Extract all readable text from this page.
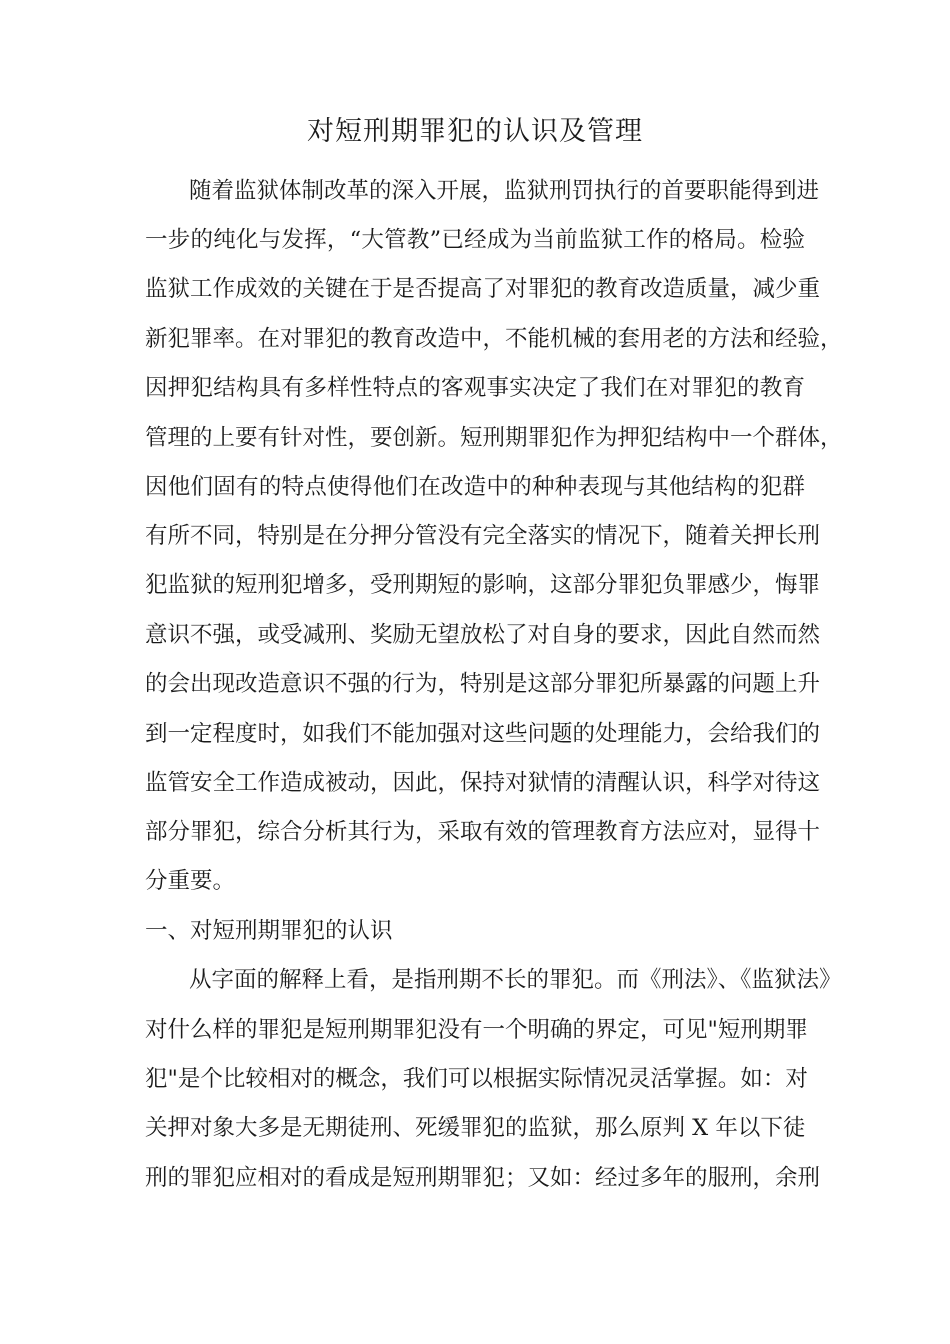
对短刑期罪犯的认识及管理
随着监狱体制改革的深入开展，监狱刑罚执行的首要职能得到进
一步的纯化与发挥，“大管教”已经成为当前监狱工作的格局。检验
监狱工作成效的关键在于是否提高了对罪犯的教育改造质量，减少重
新犯罪率。在对罪犯的教育改造中，不能机械的套用老的方法和经验，
因押犯结构具有多样性特点的客观事实决定了我们在对罪犯的教育
管理的上要有针对性，要创新。短刑期罪犯作为押犯结构中一个群体，
因他们固有的特点使得他们在改造中的种种表现与其他结构的犯群
有所不同，特别是在分押分管没有完全落实的情况下，随着关押长刑
犯监狱的短刑犯增多，受刑期短的影响，这部分罪犯负罪感少，悔罪
意识不强，或受减刑、奖励无望放松了对自身的要求，因此自然而然
的会出现改造意识不强的行为，特别是这部分罪犯所暴露的问题上升
到一定程度时，如我们不能加强对这些问题的处理能力，会给我们的
监管安全工作造成被动，因此，保持对狱情的清醒认识，科学对待这
部分罪犯，综合分析其行为，采取有效的管理教育方法应对，显得十
分重要。
一、对短刑期罪犯的认识
从字面的解释上看，是指刑期不长的罪犯。而《刑法》、《监狱法》
对什么样的罪犯是短刑期罪犯没有一个明确的界定，可见"短刑期罪
犯"是个比较相对的概念，我们可以根据实际情况灵活掌握。如：对
关押对象大多是无期徒刑、死缓罪犯的监狱，那么原判 X 年以下徒
刑的罪犯应相对的看成是短刑期罪犯；又如：经过多年的服刑，余刑
